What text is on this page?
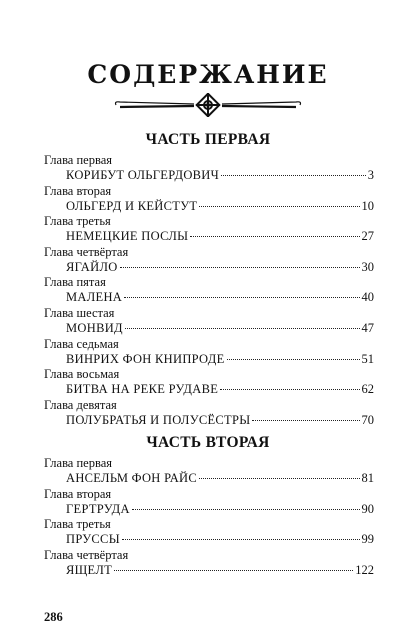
СОДЕРЖАНИЕ
ЧАСТЬ ПЕРВАЯ
Глава первая
КОРИБУТ ОЛЬГЕРДОВИЧ	3
Глава вторая
ОЛЬГЕРД И КЕЙСТУТ	10
Глава третья
НЕМЕЦКИЕ ПОСЛЫ	27
Глава четвёртая
ЯГАЙЛО	30
Глава пятая
МАЛЕНА	40
Глава шестая
МОНВИД	47
Глава седьмая
ВИНРИХ ФОН КНИПРОДЕ	51
Глава восьмая
БИТВА НА РЕКЕ РУДАВЕ	62
Глава девятая
ПОЛУБРАТЬЯ И ПОЛУСЁСТРЫ	70
ЧАСТЬ ВТОРАЯ
Глава первая
АНСЕЛЬМ ФОН РАЙС	81
Глава вторая
ГЕРТРУДА	90
Глава третья
ПРУССЫ	99
Глава четвёртая
ЯЩЕЛТ	122
286
